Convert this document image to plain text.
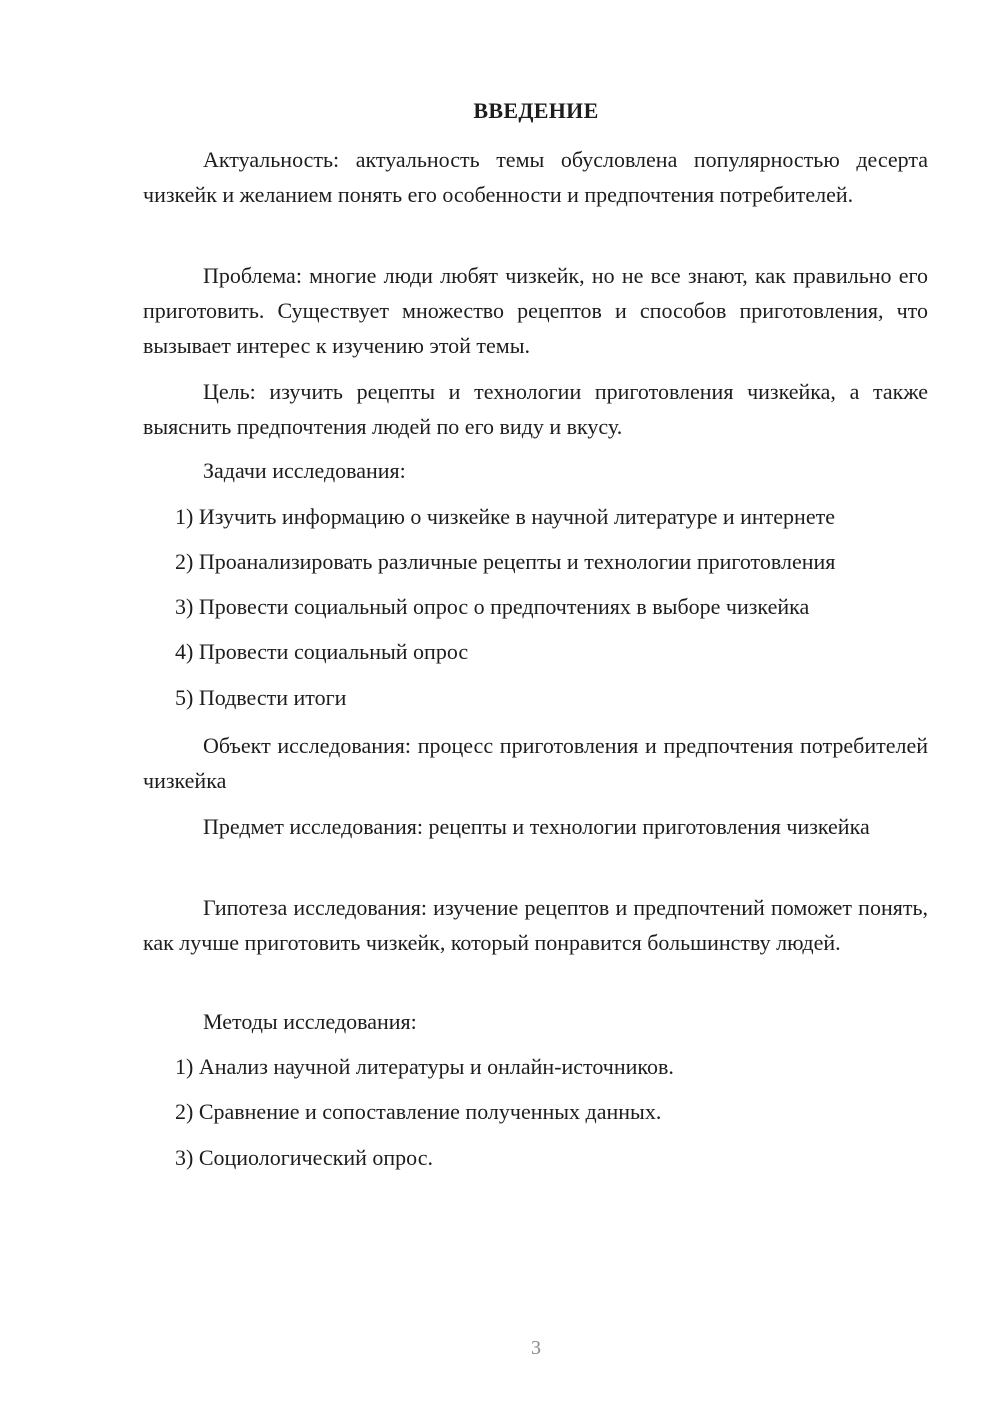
ВВЕДЕНИЕ

Актуальность: актуальность темы обусловлена популярностью десерта чизкейк и желанием понять его особенности и предпочтения потребителей.

Проблема: многие люди любят чизкейк, но не все знают, как правильно его приготовить. Существует множество рецептов и способов приготовления, что вызывает интерес к изучению этой темы.

Цель: изучить рецепты и технологии приготовления чизкейка, а также выяснить предпочтения людей по его виду и вкусу.

Задачи исследования:
1) Изучить информацию о чизкейке в научной литературе и интернете
2) Проанализировать различные рецепты и технологии приготовления
3) Провести социальный опрос о предпочтениях в выборе чизкейка
4) Провести социальный опрос
5) Подвести итоги

Объект исследования: процесс приготовления и предпочтения потребителей чизкейка

Предмет исследования: рецепты и технологии приготовления чизкейка

Гипотеза исследования: изучение рецептов и предпочтений поможет понять, как лучше приготовить чизкейк, который понравится большинству людей.

Методы исследования:
1) Анализ научной литературы и онлайн-источников.
2) Сравнение и сопоставление полученных данных.
3) Социологический опрос.
3
